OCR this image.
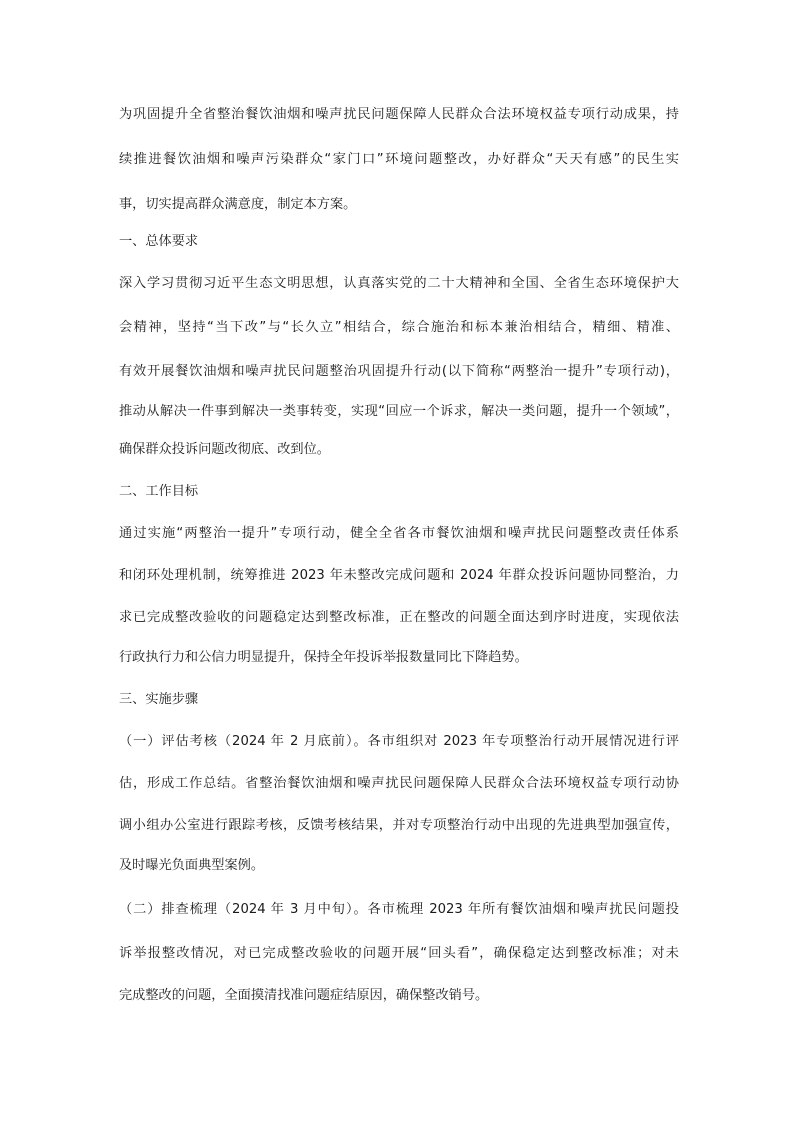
为巩固提升全省整治餐饮油烟和噪声扰民问题保障人民群众合法环境权益专项行动成果，持
续推进餐饮油烟和噪声污染群众“家门口”环境问题整改，办好群众“天天有感”的民生实
事，切实提高群众满意度，制定本方案。
一、总体要求
深入学习贯彻习近平生态文明思想，认真落实党的二十大精神和全国、全省生态环境保护大
会精神，坚持“当下改”与“长久立”相结合，综合施治和标本兼治相结合，精细、精准、
有效开展餐饮油烟和噪声扰民问题整治巩固提升行动(以下简称“两整治一提升”专项行动)，
推动从解决一件事到解决一类事转变，实现“回应一个诉求，解决一类问题，提升一个领域”，
确保群众投诉问题改彻底、改到位。
二、工作目标
通过实施“两整治一提升”专项行动，健全全省各市餐饮油烟和噪声扰民问题整改责任体系
和闭环处理机制，统筹推进 2023 年未整改完成问题和 2024 年群众投诉问题协同整治，力
求已完成整改验收的问题稳定达到整改标准，正在整改的问题全面达到序时进度，实现依法
行政执行力和公信力明显提升，保持全年投诉举报数量同比下降趋势。
三、实施步骤
（一）评估考核（2024 年 2 月底前）。各市组织对 2023 年专项整治行动开展情况进行评
估，形成工作总结。省整治餐饮油烟和噪声扰民问题保障人民群众合法环境权益专项行动协
调小组办公室进行跟踪考核，反馈考核结果，并对专项整治行动中出现的先进典型加强宣传，
及时曝光负面典型案例。
（二）排查梳理（2024 年 3 月中旬）。各市梳理 2023 年所有餐饮油烟和噪声扰民问题投
诉举报整改情况，对已完成整改验收的问题开展“回头看”，确保稳定达到整改标准；对未
完成整改的问题，全面摸清找准问题症结原因，确保整改销号。
